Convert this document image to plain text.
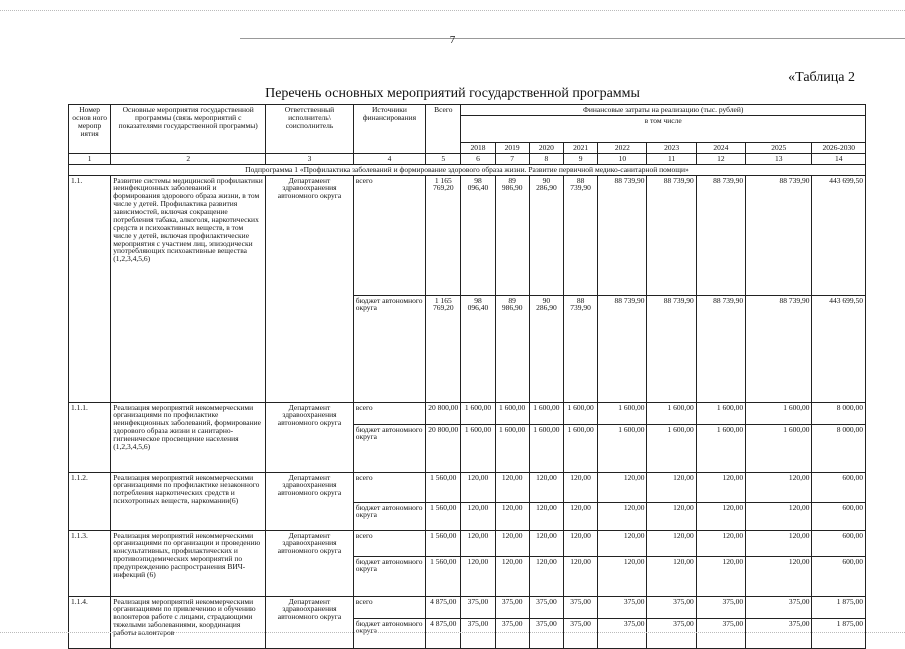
7
«Таблица 2
Перечень основных мероприятий государственной программы
Номер основ ного меропр иятия	Основные мероприятия государственной программы (связь мероприятий с показателями государственной программы)	Ответственный исполнитель\ соисполнитель	Источники финансирования	Всего	Финансовые затраты на реализацию (тыс. рублей)								
					в том числе								
					2018	2019	2020	2021	2022	2023	2024	2025	2026-2030
1	2	3	4	5	6	7	8	9	10	11	12	13	14
Подпрограмма 1 «Профилактика заболеваний и формирование здорового образа жизни. Развитие первичной медико-санитарной помощи»													
1.1.	Развитие системы медицинской профилактики неинфекционных заболеваний и формирования здорового образа жизни, в том числе у детей. Профилактика развития зависимостей, включая сокращение потребления табака, алкоголя, наркотических средств и психоактивных веществ, в том числе у детей, включая профилактические мероприятия с участием лиц, эпизодически употребляющих психоактивные вещества (1,2,3,4,5,6)	Департамент здравоохранения автономного округа	всего	1 165 769,20	98 096,40	89 986,90	90 286,90	88 739,90	88 739,90	88 739,90	88 739,90	88 739,90	443 699,50
			бюджет автономного округа	1 165 769,20	98 096,40	89 986,90	90 286,90	88 739,90	88 739,90	88 739,90	88 739,90	88 739,90	443 699,50
1.1.1.	Реализация мероприятий некоммерческими организациями по профилактике неинфекционных заболеваний, формирование здорового образа жизни и санитарно-гигиеническое просвещение населения (1,2,3,4,5,6)	Департамент здравоохранения автономного округа	всего	20 800,00	1 600,00	1 600,00	1 600,00	1 600,00	1 600,00	1 600,00	1 600,00	1 600,00	8 000,00
			бюджет автономного округа	20 800,00	1 600,00	1 600,00	1 600,00	1 600,00	1 600,00	1 600,00	1 600,00	1 600,00	8 000,00
1.1.2.	Реализация мероприятий некоммерческими организациями по профилактике незаконного потребления наркотических средств и психотропных веществ, наркомании(6)	Департамент здравоохранения автономного округа	всего	1 560,00	120,00	120,00	120,00	120,00	120,00	120,00	120,00	120,00	600,00
			бюджет автономного округа	1 560,00	120,00	120,00	120,00	120,00	120,00	120,00	120,00	120,00	600,00
1.1.3.	Реализация мероприятий некоммерческими организациями по организации и проведению консультативных, профилактических и противоэпидемических мероприятий по предупреждению распространения ВИЧ-инфекций (6)	Департамент здравоохранения автономного округа	всего	1 560,00	120,00	120,00	120,00	120,00	120,00	120,00	120,00	120,00	600,00
			бюджет автономного округа	1 560,00	120,00	120,00	120,00	120,00	120,00	120,00	120,00	120,00	600,00
1.1.4.	Реализация мероприятий некоммерческими организациями по привлечению и обучению волонтеров работе с лицами, страдающими тяжелыми заболеваниями, координация работы волонтеров	Департамент здравоохранения автономного округа	всего	4 875,00	375,00	375,00	375,00	375,00	375,00	375,00	375,00	375,00	1 875,00
			бюджет автономного округа	4 875,00	375,00	375,00	375,00	375,00	375,00	375,00	375,00	375,00	1 875,00
